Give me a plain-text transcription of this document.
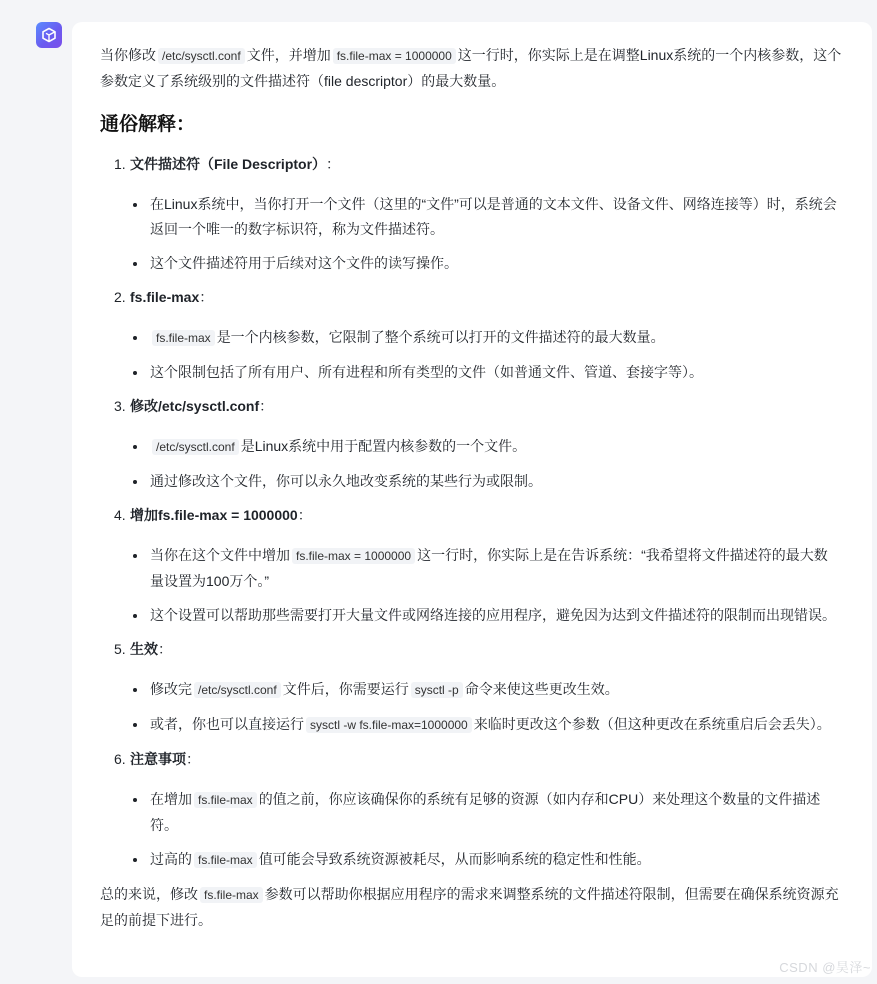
当你修改 /etc/sysctl.conf 文件，并增加 fs.file-max = 1000000 这一行时，你实际上是在调整Linux系统的一个内核参数，这个参数定义了系统级别的文件描述符（file descriptor）的最大数量。

通俗解释：
1. 文件描述符（File Descriptor） ：
在Linux系统中，当你打开一个文件（这里的“文件”可以是普通的文本文件、设备文件、网络连接等）时，系统会返回一个唯一的数字标识符，称为文件描述符。
这个文件描述符用于后续对这个文件的读写操作。
2. fs.file-max ：
fs.file-max 是一个内核参数，它限制了整个系统可以打开的文件描述符的最大数量。
这个限制包括了所有用户、所有进程和所有类型的文件（如普通文件、管道、套接字等）。
3. 修改/etc/sysctl.conf ：
/etc/sysctl.conf 是Linux系统中用于配置内核参数的一个文件。
通过修改这个文件，你可以永久地改变系统的某些行为或限制。
4. 增加fs.file-max = 1000000 ：
当你在这个文件中增加 fs.file-max = 1000000 这一行时，你实际上是在告诉系统：“我希望将文件描述符的最大数量设置为100万个。”
这个设置可以帮助那些需要打开大量文件或网络连接的应用程序，避免因为达到文件描述符的限制而出现错误。
5. 生效 ：
修改完 /etc/sysctl.conf 文件后，你需要运行 sysctl -p 命令来使这些更改生效。
或者，你也可以直接运行 sysctl -w fs.file-max=1000000 来临时更改这个参数（但这种更改在系统重启后会丢失）。
6. 注意事项 ：
在增加 fs.file-max 的值之前，你应该确保你的系统有足够的资源（如内存和CPU）来处理这个数量的文件描述符。
过高的 fs.file-max 值可能会导致系统资源被耗尽，从而影响系统的稳定性和性能。

总的来说，修改 fs.file-max 参数可以帮助你根据应用程序的需求来调整系统的文件描述符限制，但需要在确保系统资源充足的前提下进行。

CSDN @昊泽~
